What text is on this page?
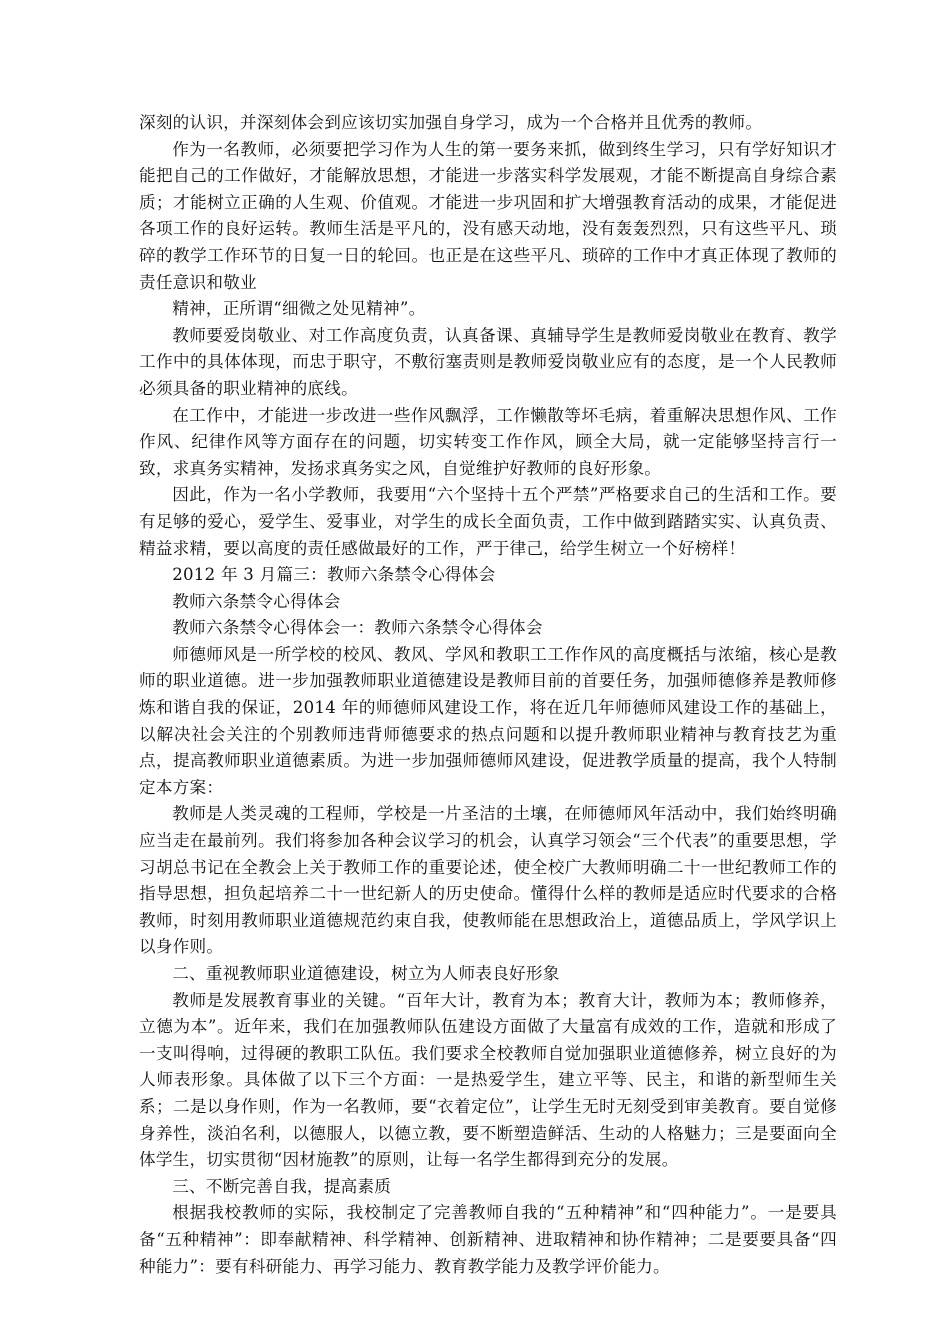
深刻的认识，并深刻体会到应该切实加强自身学习，成为一个合格并且优秀的教师。

作为一名教师，必须要把学习作为人生的第一要务来抓，做到终生学习，只有学好知识才能把自己的工作做好，才能解放思想，才能进一步落实科学发展观，才能不断提高自身综合素质；才能树立正确的人生观、价值观。才能进一步巩固和扩大增强教育活动的成果，才能促进各项工作的良好运转。教师生活是平凡的，没有感天动地，没有轰轰烈烈，只有这些平凡、琐碎的教学工作环节的日复一日的轮回。也正是在这些平凡、琐碎的工作中才真正体现了教师的责任意识和敬业

精神，正所谓“细微之处见精神”。

教师要爱岗敬业、对工作高度负责，认真备课、真辅导学生是教师爱岗敬业在教育、教学工作中的具体体现，而忠于职守，不敷衍塞责则是教师爱岗敬业应有的态度，是一个人民教师必须具备的职业精神的底线。

在工作中，才能进一步改进一些作风飘浮，工作懒散等坏毛病，着重解决思想作风、工作作风、纪律作风等方面存在的问题，切实转变工作作风，顾全大局，就一定能够坚持言行一致，求真务实精神，发扬求真务实之风，自觉维护好教师的良好形象。

因此，作为一名小学教师，我要用“六个坚持十五个严禁”严格要求自己的生活和工作。要有足够的爱心，爱学生、爱事业，对学生的成长全面负责，工作中做到踏踏实实、认真负责、精益求精，要以高度的责任感做最好的工作，严于律己，给学生树立一个好榜样！

2012 年 3 月篇三：教师六条禁令心得体会

教师六条禁令心得体会

教师六条禁令心得体会一：教师六条禁令心得体会

师德师风是一所学校的校风、教风、学风和教职工工作作风的高度概括与浓缩，核心是教师的职业道德。进一步加强教师职业道德建设是教师目前的首要任务，加强师德修养是教师修炼和谐自我的保证，2014 年的师德师风建设工作，将在近几年师德师风建设工作的基础上，以解决社会关注的个别教师违背师德要求的热点问题和以提升教师职业精神与教育技艺为重点，提高教师职业道德素质。为进一步加强师德师风建设，促进教学质量的提高，我个人特制定本方案：

教师是人类灵魂的工程师，学校是一片圣洁的土壤，在师德师风年活动中，我们始终明确应当走在最前列。我们将参加各种会议学习的机会，认真学习领会“三个代表”的重要思想，学习胡总书记在全教会上关于教师工作的重要论述，使全校广大教师明确二十一世纪教师工作的指导思想，担负起培养二十一世纪新人的历史使命。懂得什么样的教师是适应时代要求的合格教师，时刻用教师职业道德规范约束自我，使教师能在思想政治上，道德品质上，学风学识上以身作则。

二、重视教师职业道德建设，树立为人师表良好形象

教师是发展教育事业的关键。“百年大计，教育为本；教育大计，教师为本；教师修养，立德为本”。近年来，我们在加强教师队伍建设方面做了大量富有成效的工作，造就和形成了一支叫得响，过得硬的教职工队伍。我们要求全校教师自觉加强职业道德修养，树立良好的为人师表形象。具体做了以下三个方面：一是热爱学生，建立平等、民主，和谐的新型师生关系；二是以身作则，作为一名教师，要“衣着定位”，让学生无时无刻受到审美教育。要自觉修身养性，淡泊名利，以德服人，以德立教，要不断塑造鲜活、生动的人格魅力；三是要面向全体学生，切实贯彻“因材施教”的原则，让每一名学生都得到充分的发展。

三、不断完善自我，提高素质

根据我校教师的实际，我校制定了完善教师自我的“五种精神”和“四种能力”。一是要具备“五种精神”：即奉献精神、科学精神、创新精神、进取精神和协作精神；二是要要具备“四种能力”：要有科研能力、再学习能力、教育教学能力及教学评价能力。
